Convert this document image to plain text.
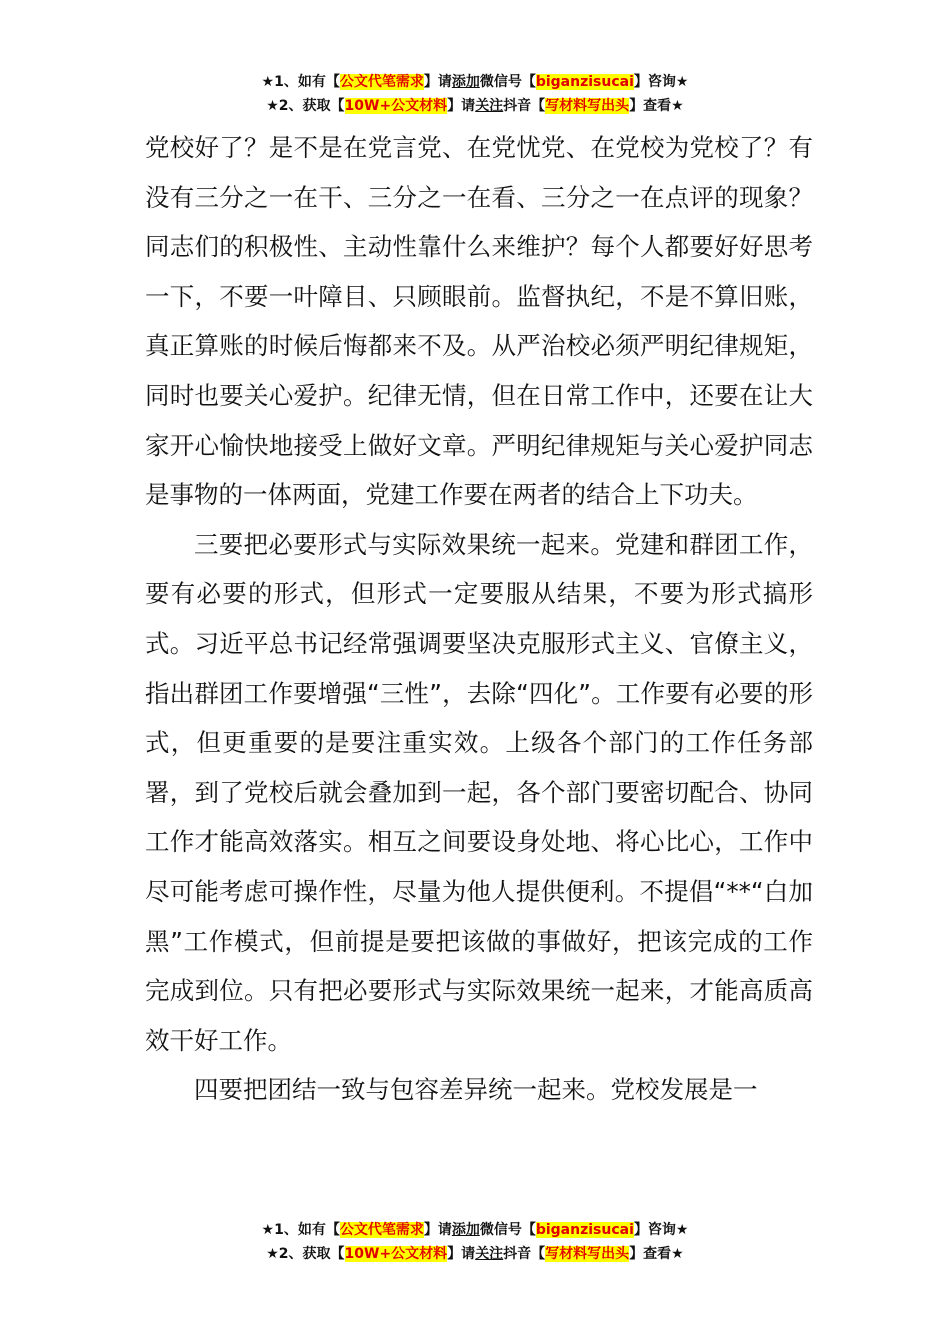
★1、如有【公文代笔需求】请添加微信号【biganzisucai】咨询★
★2、获取【10W+公文材料】请关注抖音【写材料写出头】查看★

党校好了？是不是在党言党、在党忧党、在党校为党校了？有没有三分之一在干、三分之一在看、三分之一在点评的现象？同志们的积极性、主动性靠什么来维护？每个人都要好好思考一下，不要一叶障目、只顾眼前。监督执纪，不是不算旧账，真正算账的时候后悔都来不及。从严治校必须严明纪律规矩，同时也要关心爱护。纪律无情，但在日常工作中，还要在让大家开心愉快地接受上做好文章。严明纪律规矩与关心爱护同志是事物的一体两面，党建工作要在两者的结合上下功夫。

三要把必要形式与实际效果统一起来。党建和群团工作，要有必要的形式，但形式一定要服从结果，不要为形式搞形式。习近平总书记经常强调要坚决克服形式主义、官僚主义，指出群团工作要增强“三性”，去除“四化”。工作要有必要的形式，但更重要的是要注重实效。上级各个部门的工作任务部署，到了党校后就会叠加到一起，各个部门要密切配合、协同工作才能高效落实。相互之间要设身处地、将心比心，工作中尽可能考虑可操作性，尽量为他人提供便利。不提倡“**“白加黑”工作模式，但前提是要把该做的事做好，把该完成的工作完成到位。只有把必要形式与实际效果统一起来，才能高质高效干好工作。

四要把团结一致与包容差异统一起来。党校发展是一

★1、如有【公文代笔需求】请添加微信号【biganzisucai】咨询★
★2、获取【10W+公文材料】请关注抖音【写材料写出头】查看★
